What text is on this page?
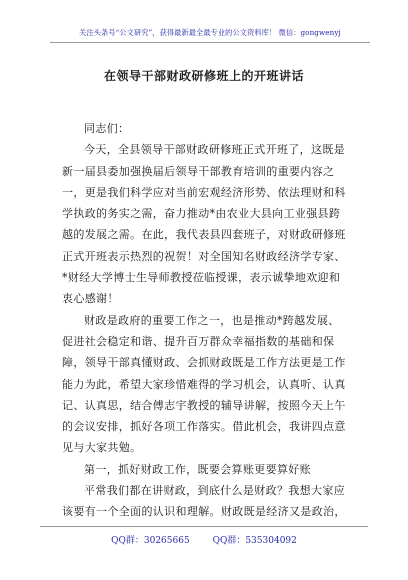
关注头条号“公文研究”，获得最新最全最专业的公文资料库！ 微信：gongwenyj
在领导干部财政研修班上的开班讲话

同志们：

今天，全县领导干部财政研修班正式开班了，这既是新一届县委加强换届后领导干部教育培训的重要内容之一，更是我们科学应对当前宏观经济形势、依法理财和科学执政的务实之需，奋力推动*由农业大县向工业强县跨越的发展之需。在此，我代表县四套班子，对财政研修班正式开班表示热烈的祝贺！对全国知名财政经济学专家、*财经大学博士生导师教授莅临授课，表示诚挚地欢迎和衷心感谢！

财政是政府的重要工作之一，也是推动*跨越发展、促进社会稳定和谐、提升百万群众幸福指数的基础和保障，领导干部真懂财政、会抓财政既是工作方法更是工作能力为此，希望大家珍惜难得的学习机会，认真听、认真记、认真思，结合傅志宇教授的辅导讲解，按照今天上午的会议安排，抓好各项工作落实。借此机会，我讲四点意见与大家共勉。

第一，抓好财政工作，既要会算账更要算好账

平常我们都在讲财政，到底什么是财政？我想大家应该要有一个全面的认识和理解。财政既是经济又是政治，

QQ群：30265665	QQ群：535304092
